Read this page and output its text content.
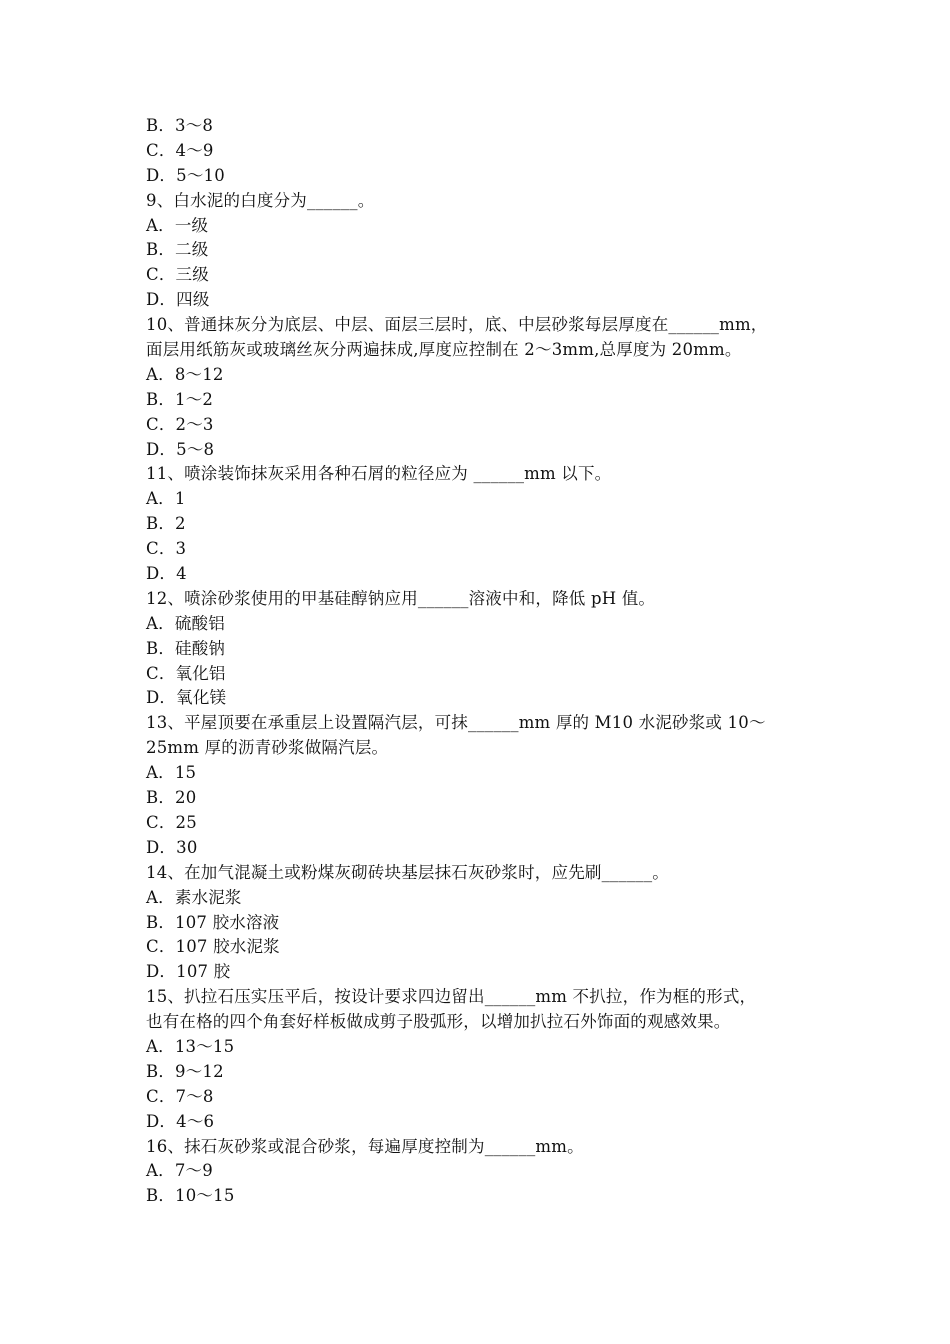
B．3～8
C．4～9
D．5～10
9、白水泥的白度分为______。
A．一级
B．二级
C．三级
D．四级
10、普通抹灰分为底层、中层、面层三层时，底、中层砂浆每层厚度在______mm，
面层用纸筋灰或玻璃丝灰分两遍抹成,厚度应控制在 2～3mm,总厚度为 20mm。
A．8～12
B．1～2
C．2～3
D．5～8
11、喷涂装饰抹灰采用各种石屑的粒径应为 ______mm 以下。
A．1
B．2
C．3
D．4
12、喷涂砂浆使用的甲基硅醇钠应用______溶液中和，降低 pH 值。
A．硫酸铝
B．硅酸钠
C．氧化铝
D．氧化镁
13、平屋顶要在承重层上设置隔汽层，可抹______mm 厚的 M10 水泥砂浆或 10～
25mm 厚的沥青砂浆做隔汽层。
A．15
B．20
C．25
D．30
14、在加气混凝土或粉煤灰砌砖块基层抹石灰砂浆时，应先刷______。
A．素水泥浆
B．107 胶水溶液
C．107 胶水泥浆
D．107 胶
15、扒拉石压实压平后，按设计要求四边留出______mm 不扒拉，作为框的形式，
也有在格的四个角套好样板做成剪子股弧形，以增加扒拉石外饰面的观感效果。
A．13～15
B．9～12
C．7～8
D．4～6
16、抹石灰砂浆或混合砂浆，每遍厚度控制为______mm。
A．7～9
B．10～15
